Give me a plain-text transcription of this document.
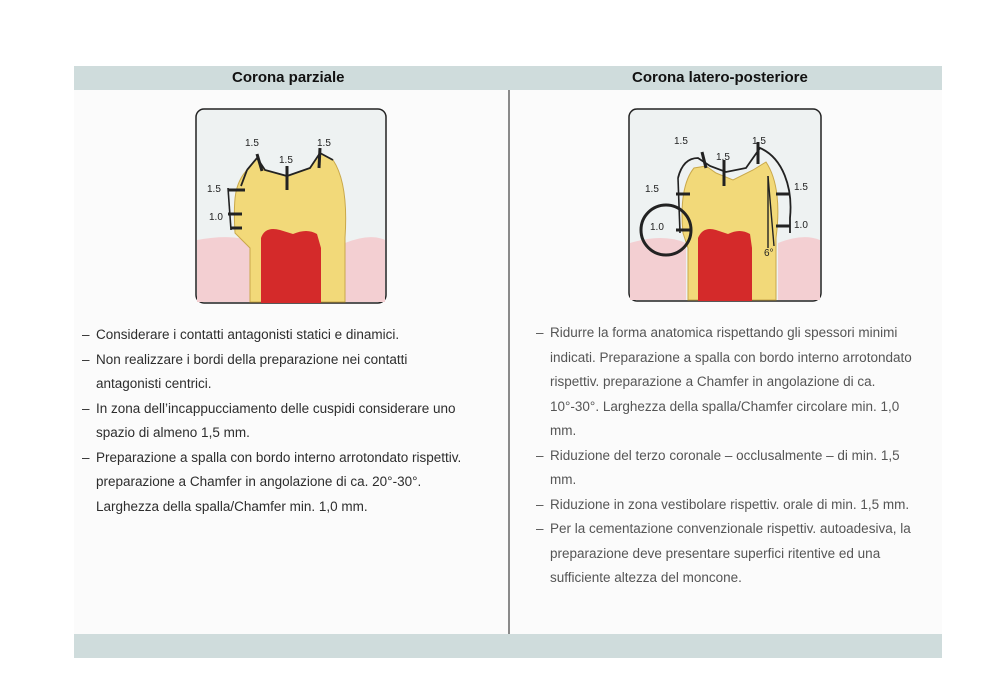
Corona parziale	Corona latero-posteriore
1.5
1.5
1.5
1.5
1.0
1.5
1.5
1.5
1.5	1.5
1.0	1.0
6°
– Considerare i contatti antagonisti statici e dinamici.
– Non realizzare i bordi della preparazione nei contatti antagonisti centrici.
– In zona dell’incappucciamento delle cuspidi considerare uno spazio di almeno 1,5 mm.
– Preparazione a spalla con bordo interno arrotondato rispettiv. preparazione a Chamfer in angolazione di ca. 20°-30°. Larghezza della spalla/Chamfer min. 1,0 mm.
– Ridurre la forma anatomica rispettando gli spessori minimi indicati. Preparazione a spalla con bordo interno arrotondato rispettiv. preparazione a Chamfer in angolazione di ca. 10°-30°. Larghezza della spalla/Chamfer circolare min. 1,0 mm.
– Riduzione del terzo coronale – occlusalmente – di min. 1,5 mm.
– Riduzione in zona vestibolare rispettiv. orale di min. 1,5 mm.
– Per la cementazione convenzionale rispettiv. autoadesiva, la preparazione deve presentare superfici ritentive ed una sufficiente altezza del moncone.
